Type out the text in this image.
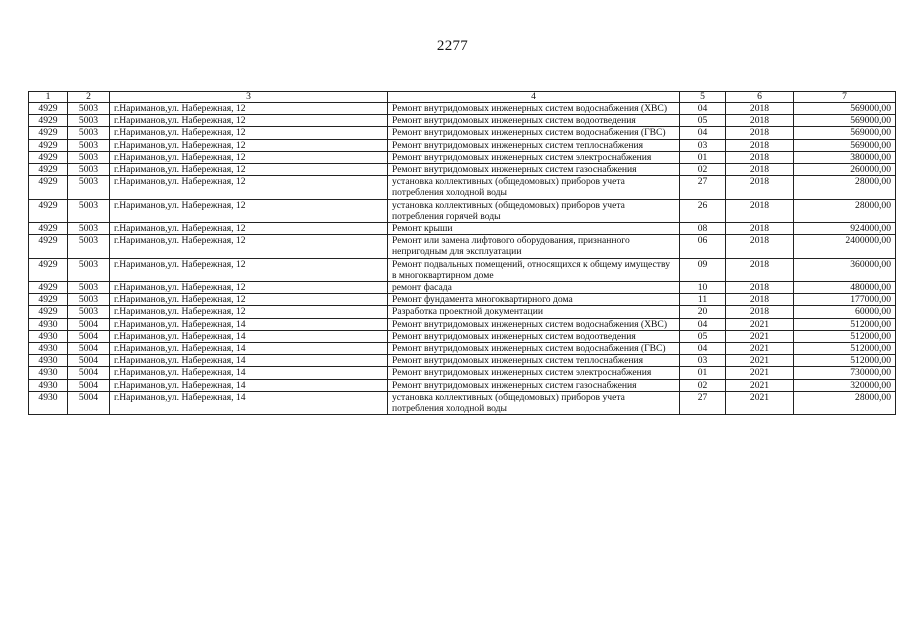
2277
1	2	3	4	5	6	7
4929	5003	г.Нариманов,ул. Набережная, 12	Ремонт внутридомовых инженерных систем водоснабжения (ХВС)	04	2018	569000,00
4929	5003	г.Нариманов,ул. Набережная, 12	Ремонт внутридомовых инженерных систем водоотведения	05	2018	569000,00
4929	5003	г.Нариманов,ул. Набережная, 12	Ремонт внутридомовых инженерных систем водоснабжения (ГВС)	04	2018	569000,00
4929	5003	г.Нариманов,ул. Набережная, 12	Ремонт внутридомовых инженерных систем теплоснабжения	03	2018	569000,00
4929	5003	г.Нариманов,ул. Набережная, 12	Ремонт внутридомовых инженерных систем электроснабжения	01	2018	380000,00
4929	5003	г.Нариманов,ул. Набережная, 12	Ремонт внутридомовых инженерных систем газоснабжения	02	2018	260000,00
4929	5003	г.Нариманов,ул. Набережная, 12	установка коллективных (общедомовых) приборов учета потребления холодной воды	27	2018	28000,00
4929	5003	г.Нариманов,ул. Набережная, 12	установка коллективных (общедомовых) приборов учета потребления горячей воды	26	2018	28000,00
4929	5003	г.Нариманов,ул. Набережная, 12	Ремонт крыши	08	2018	924000,00
4929	5003	г.Нариманов,ул. Набережная, 12	Ремонт или замена лифтового оборудования, признанного непригодным для эксплуатации	06	2018	2400000,00
4929	5003	г.Нариманов,ул. Набережная, 12	Ремонт подвальных помещений, относящихся к общему имуществу в многоквартирном доме	09	2018	360000,00
4929	5003	г.Нариманов,ул. Набережная, 12	ремонт фасада	10	2018	480000,00
4929	5003	г.Нариманов,ул. Набережная, 12	Ремонт фундамента многоквартирного дома	11	2018	177000,00
4929	5003	г.Нариманов,ул. Набережная, 12	Разработка проектной документации	20	2018	60000,00
4930	5004	г.Нариманов,ул. Набережная, 14	Ремонт внутридомовых инженерных систем водоснабжения (ХВС)	04	2021	512000,00
4930	5004	г.Нариманов,ул. Набережная, 14	Ремонт внутридомовых инженерных систем водоотведения	05	2021	512000,00
4930	5004	г.Нариманов,ул. Набережная, 14	Ремонт внутридомовых инженерных систем водоснабжения (ГВС)	04	2021	512000,00
4930	5004	г.Нариманов,ул. Набережная, 14	Ремонт внутридомовых инженерных систем теплоснабжения	03	2021	512000,00
4930	5004	г.Нариманов,ул. Набережная, 14	Ремонт внутридомовых инженерных систем электроснабжения	01	2021	730000,00
4930	5004	г.Нариманов,ул. Набережная, 14	Ремонт внутридомовых инженерных систем газоснабжения	02	2021	320000,00
4930	5004	г.Нариманов,ул. Набережная, 14	установка коллективных (общедомовых) приборов учета потребления холодной воды	27	2021	28000,00
